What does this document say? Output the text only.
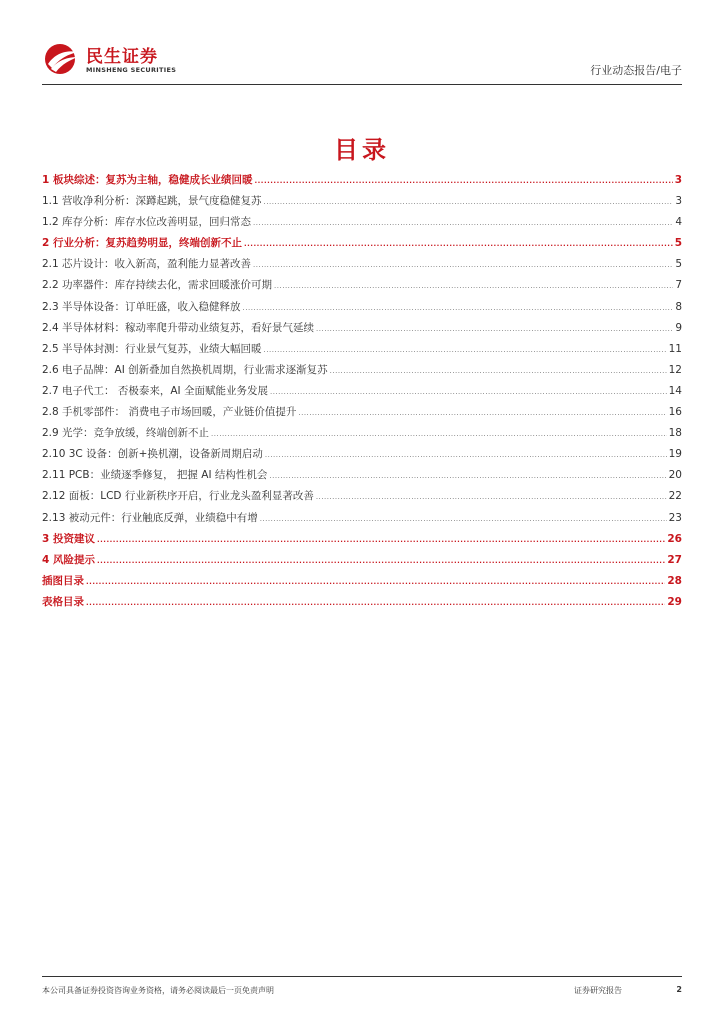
民生证券
MINSHENG SECURITIES	行业动态报告/电子
目录
1 板块综述：复苏为主轴，稳健成长业绩回暖 .....	3
1.1 营收净利分析：深蹲起跳，景气度稳健复苏 .....	3
1.2 库存分析：库存水位改善明显，回归常态 .....	4
2 行业分析：复苏趋势明显，终端创新不止 .....	5
2.1 芯片设计：收入新高，盈利能力显著改善 .....	5
2.2 功率器件：库存持续去化，需求回暖涨价可期 .....	7
2.3 半导体设备：订单旺盛，收入稳健释放 .....	8
2.4 半导体材料：稼动率爬升带动业绩复苏，看好景气延续 .....	9
2.5 半导体封测：行业景气复苏，业绩大幅回暖 .....	11
2.6 电子品牌：AI 创新叠加自然换机周期，行业需求逐渐复苏 .....	12
2.7 电子代工： 否极泰来，AI 全面赋能业务发展 .....	14
2.8 手机零部件： 消费电子市场回暖，产业链价值提升 .....	16
2.9 光学：竞争放缓，终端创新不止 .....	18
2.10 3C 设备：创新+换机潮，设备新周期启动 .....	19
2.11 PCB：业绩逐季修复， 把握 AI 结构性机会 .....	20
2.12 面板：LCD 行业新秩序开启，行业龙头盈利显著改善 .....	22
2.13 被动元件：行业触底反弹，业绩稳中有增 .....	23
3 投资建议 .....	26
4 风险提示 .....	27
插图目录 .....	28
表格目录 .....	29
本公司具备证券投资咨询业务资格，请务必阅读最后一页免责声明	证券研究报告	2
